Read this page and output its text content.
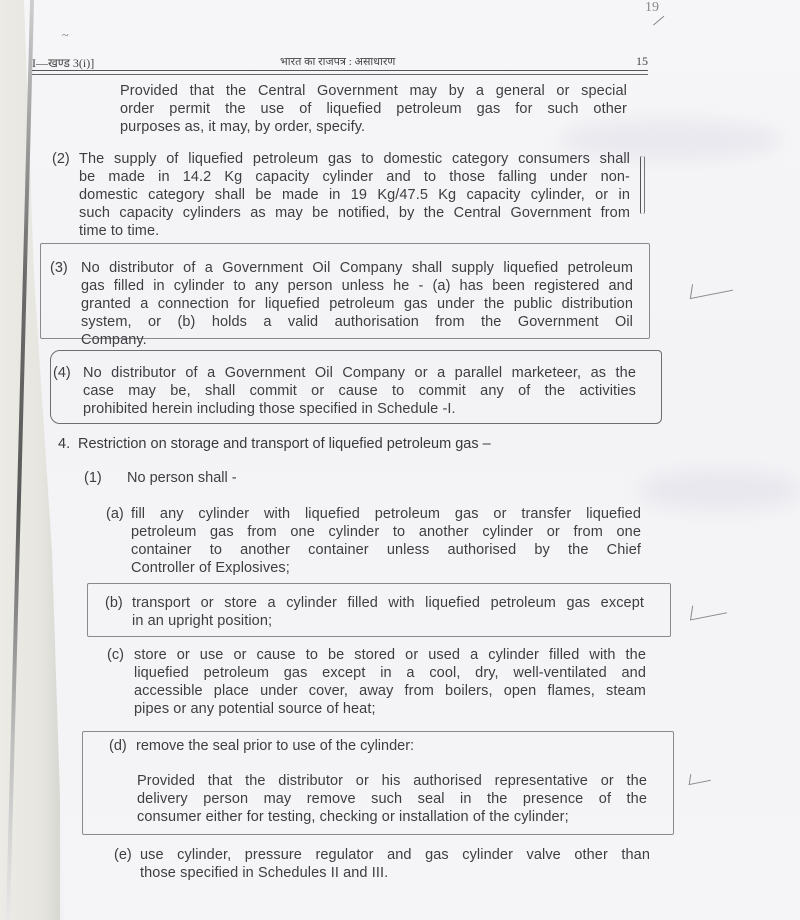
19
~
I—खण्ड 3(i)]	भारत का राजपत्र : असाधारण	15
Provided that the Central Government may by a general or special
order permit the use of liquefied petroleum gas for such other
purposes as, it may, by order, specify.
(2) The supply of liquefied petroleum gas to domestic category consumers shall
be made in 14.2 Kg capacity cylinder and to those falling under non-
domestic category shall be made in 19 Kg/47.5 Kg capacity cylinder, or in
such capacity cylinders as may be notified, by the Central Government from
time to time.
(3) No distributor of a Government Oil Company shall supply liquefied petroleum
gas filled in cylinder to any person unless he - (a) has been registered and
granted a connection for liquefied petroleum gas under the public distribution
system, or (b) holds a valid authorisation from the Government Oil
Company.
(4) No distributor of a Government Oil Company or a parallel marketeer, as the
case may be, shall commit or cause to commit any of the activities
prohibited herein including those specified in Schedule -I.
4. Restriction on storage and transport of liquefied petroleum gas –
(1) No person shall -
(a) fill any cylinder with liquefied petroleum gas or transfer liquefied
petroleum gas from one cylinder to another cylinder or from one
container to another container unless authorised by the Chief
Controller of Explosives;
(b) transport or store a cylinder filled with liquefied petroleum gas except
in an upright position;
(c) store or use or cause to be stored or used a cylinder filled with the
liquefied petroleum gas except in a cool, dry, well-ventilated and
accessible place under cover, away from boilers, open flames, steam
pipes or any potential source of heat;
(d) remove the seal prior to use of the cylinder:
Provided that the distributor or his authorised representative or the
delivery person may remove such seal in the presence of the
consumer either for testing, checking or installation of the cylinder;
(e) use cylinder, pressure regulator and gas cylinder valve other than
those specified in Schedules II and III.
